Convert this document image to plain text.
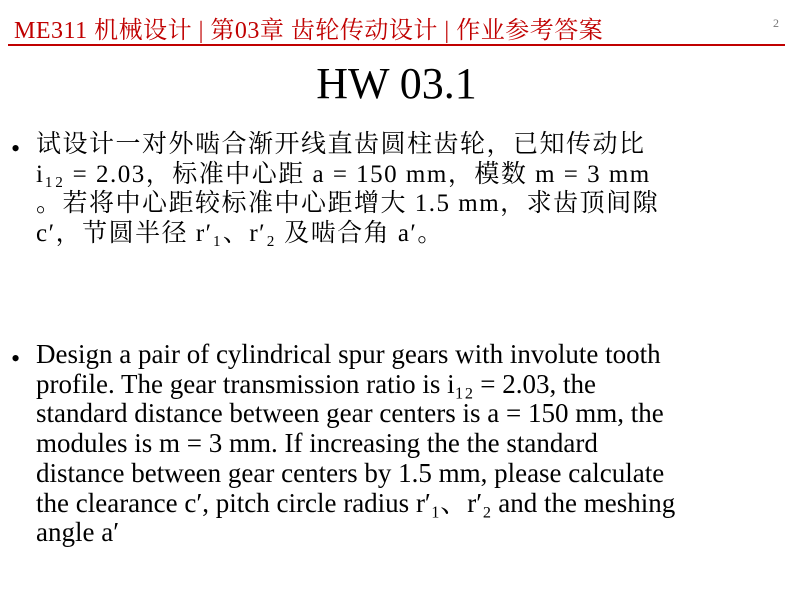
ME311 机械设计 | 第03章 齿轮传动设计 | 作业参考答案	2
HW 03.1
• 试设计一对外啮合渐开线直齿圆柱齿轮，已知传动比
i₁₂ = 2.03，标准中心距 a = 150 mm，模数 m = 3 mm
。若将中心距较标准中心距增大 1.5 mm，求齿顶间隙
c′，节圆半径 r′₁、r′₂ 及啮合角 a′。
• Design a pair of cylindrical spur gears with involute tooth
profile. The gear transmission ratio is i₁₂ = 2.03, the
standard distance between gear centers is a = 150 mm, the
modules is m = 3 mm. If increasing the the standard
distance between gear centers by 1.5 mm, please calculate
the clearance c′, pitch circle radius r′₁、r′₂ and the meshing
angle a′
